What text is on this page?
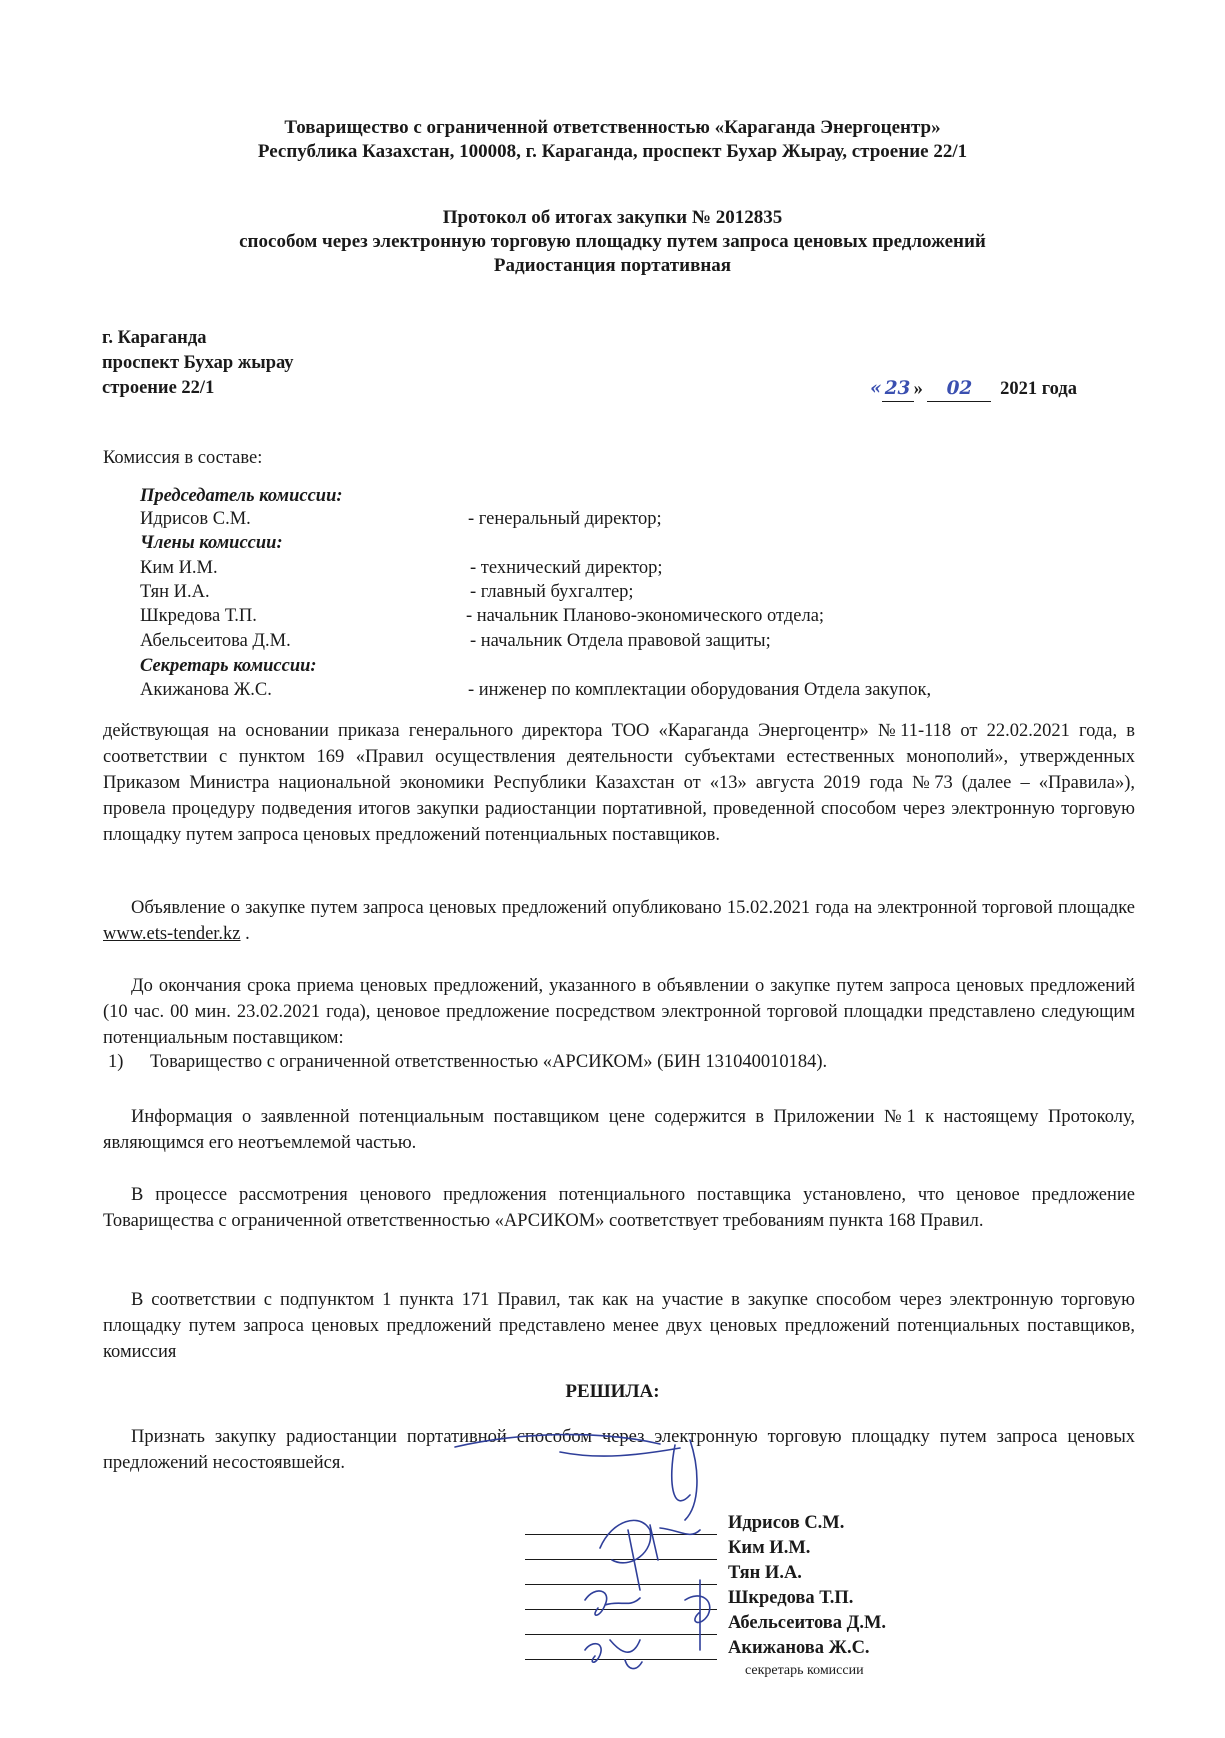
Товарищество с ограниченной ответственностью «Караганда Энергоцентр»
Республика Казахстан, 100008, г. Караганда, проспект Бухар Жырау, строение 22/1
Протокол об итогах закупки № 2012835
способом через электронную торговую площадку путем запроса ценовых предложений
Радиостанция портативная
г. Караганда
проспект Бухар жырау
строение 22/1	« 23 » 02 2021 года
Комиссия в составе:
Председатель комиссии:
Идрисов С.М.	- генеральный директор;
Члены комиссии:
Ким И.М.	- технический директор;
Тян И.А.	- главный бухгалтер;
Шкредова Т.П.	- начальник Планово-экономического отдела;
Абельсеитова Д.М.	- начальник Отдела правовой защиты;
Секретарь комиссии:
Акижанова Ж.С.	- инженер по комплектации оборудования Отдела закупок,
действующая на основании приказа генерального директора ТОО «Караганда Энергоцентр» №11-118 от 22.02.2021 года, в соответствии с пунктом 169 «Правил осуществления деятельности субъектами естественных монополий», утвержденных Приказом Министра национальной экономики Республики Казахстан от «13» августа 2019 года №73 (далее – «Правила»), провела процедуру подведения итогов закупки радиостанции портативной, проведенной способом через электронную торговую площадку путем запроса ценовых предложений потенциальных поставщиков.
Объявление о закупке путем запроса ценовых предложений опубликовано 15.02.2021 года на электронной торговой площадке www.ets-tender.kz .
До окончания срока приема ценовых предложений, указанного в объявлении о закупке путем запроса ценовых предложений (10 час. 00 мин. 23.02.2021 года), ценовое предложение посредством электронной торговой площадки представлено следующим потенциальным поставщиком:
1) Товарищество с ограниченной ответственностью «АРСИКОМ» (БИН 131040010184).
Информация о заявленной потенциальным поставщиком цене содержится в Приложении №1 к настоящему Протоколу, являющимся его неотъемлемой частью.
В процессе рассмотрения ценового предложения потенциального поставщика установлено, что ценовое предложение Товарищества с ограниченной ответственностью «АРСИКОМ» соответствует требованиям пункта 168 Правил.
В соответствии с подпунктом 1 пункта 171 Правил, так как на участие в закупке способом через электронную торговую площадку путем запроса ценовых предложений представлено менее двух ценовых предложений потенциальных поставщиков, комиссия
РЕШИЛА:
Признать закупку радиостанции портативной способом через электронную торговую площадку путем запроса ценовых предложений несостоявшейся.
Идрисов С.М.
Ким И.М.
Тян И.А.
Шкредова Т.П.
Абельсеитова Д.М.
Акижанова Ж.С.
секретарь комиссии
